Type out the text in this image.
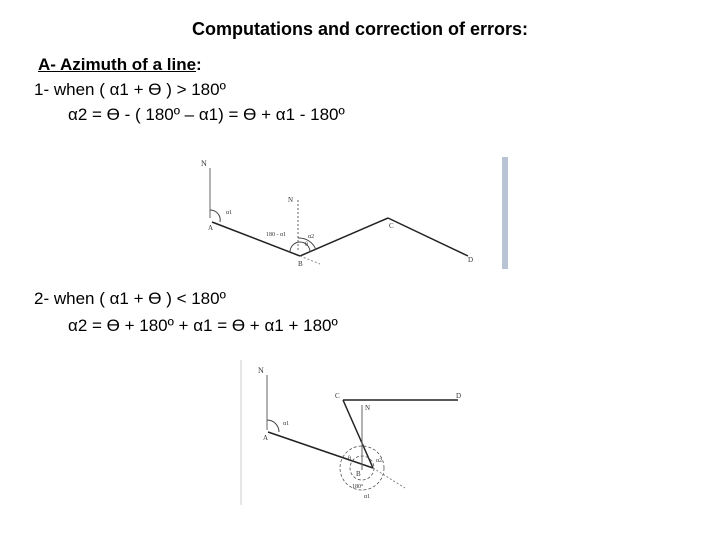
Computations and correction of errors:
A- Azimuth of a line:
1- when ( α1 + Ɵ ) > 180º
α2 = Ɵ - ( 180º – α1) = Ɵ + α1 - 180º
N
N
A
B
C
D
α1
180 - α1	α2
θ
2- when ( α1 + Ɵ ) < 180º
α2 = Ɵ + 180º + α1 = Ɵ + α1 + 180º
N
N
A
B
C	D
α1
θ	α2
180°
α1
